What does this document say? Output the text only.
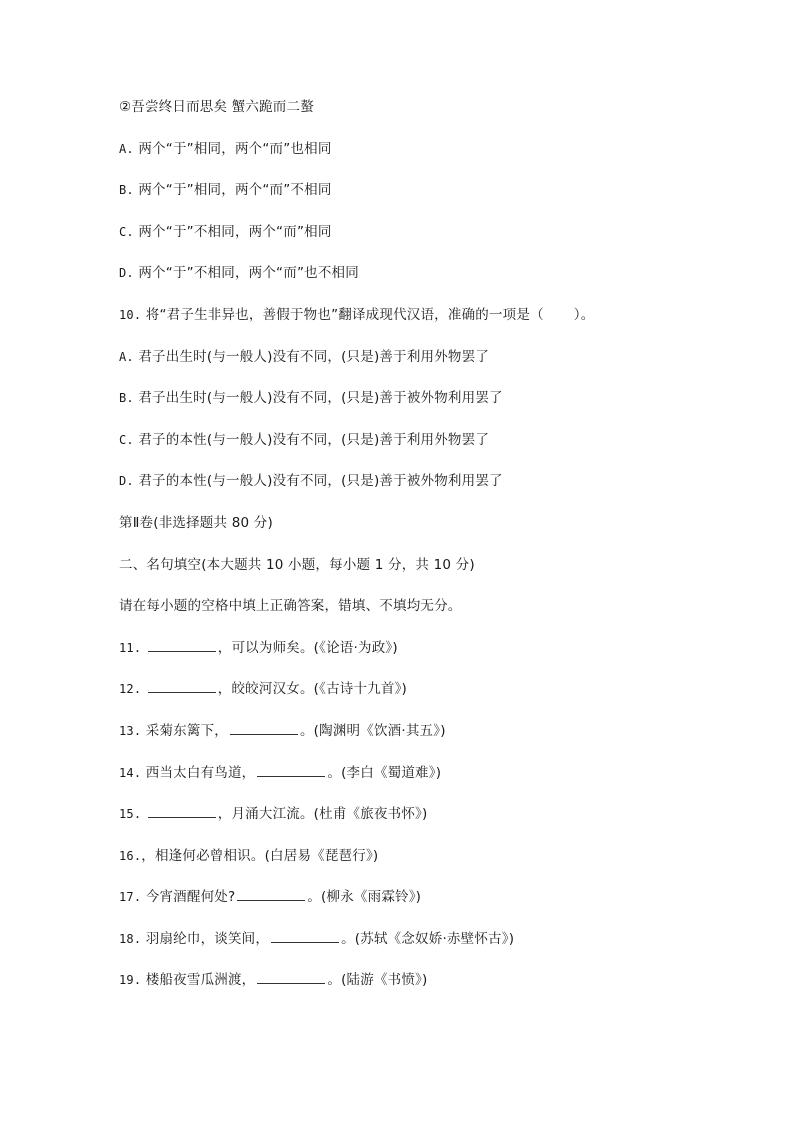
②吾尝终日而思矣 蟹六跪而二螯
A. 两个“于”相同，两个“而”也相同
B. 两个“于”相同，两个“而”不相同
C. 两个“于”不相同，两个“而”相同
D. 两个“于”不相同，两个“而”也不相同
10. 将“君子生非异也，善假于物也”翻译成现代汉语，准确的一项是（ ）。
A. 君子出生时(与一般人)没有不同，(只是)善于利用外物罢了
B. 君子出生时(与一般人)没有不同，(只是)善于被外物利用罢了
C. 君子的本性(与一般人)没有不同，(只是)善于利用外物罢了
D. 君子的本性(与一般人)没有不同，(只是)善于被外物利用罢了
第Ⅱ卷(非选择题共 80 分)
二、名句填空(本大题共 10 小题，每小题 1 分，共 10 分)
请在每小题的空格中填上正确答案，错填、不填均无分。
11.	，可以为师矣。(《论语·为政》)
12.	，皎皎河汉女。(《古诗十九首》)
13. 采菊东篱下，	。(陶渊明《饮酒·其五》)
14. 西当太白有鸟道，	。(李白《蜀道难》)
15.	，月涌大江流。(杜甫《旅夜书怀》)
16.，相逢何必曾相识。(白居易《琵琶行》)
17. 今宵酒醒何处?	。(柳永《雨霖铃》)
18. 羽扇纶巾，谈笑间，	。(苏轼《念奴娇·赤壁怀古》)
19. 楼船夜雪瓜洲渡，	。(陆游《书愤》)
